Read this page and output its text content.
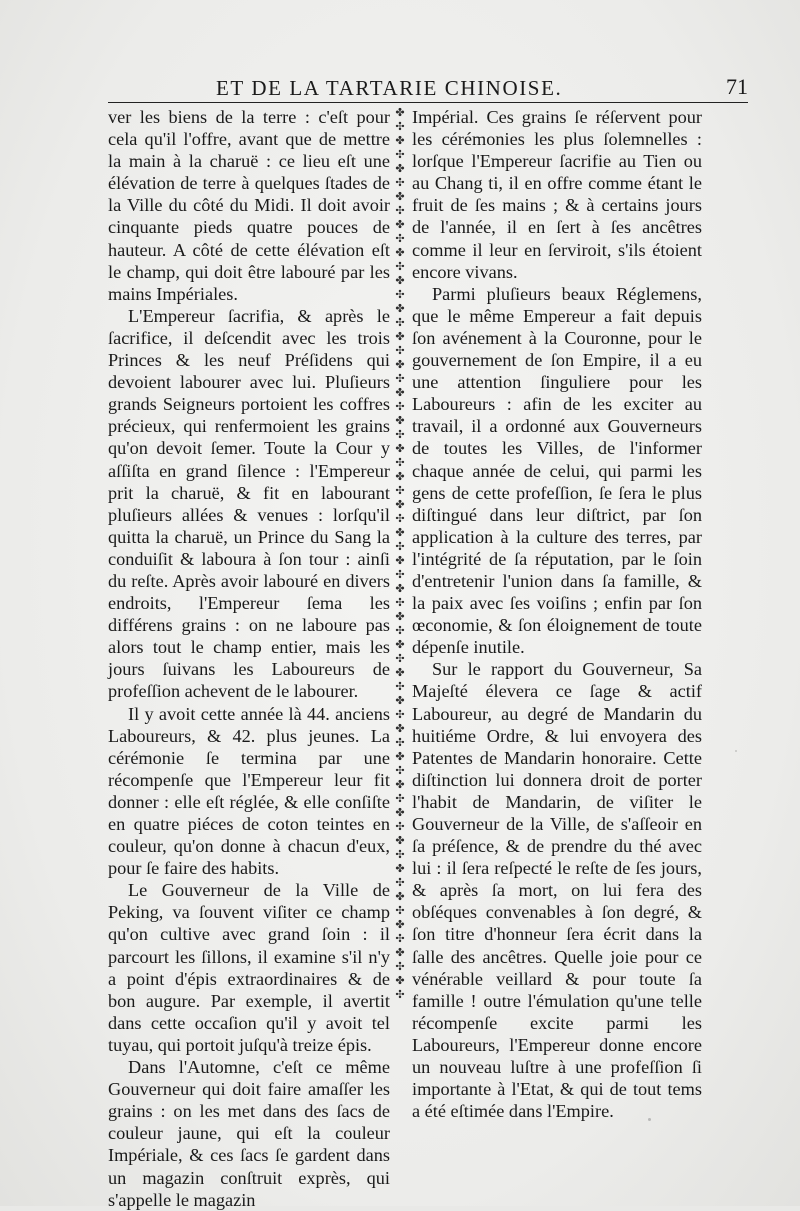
ET DE LA TARTARIE CHINOISE.	71

ver les biens de la terre : c'eſt pour cela qu'il l'offre, avant que de mettre la main à la charuë : ce lieu eſt une élévation de terre à quelques ſtades de la Ville du côté du Midi. Il doit avoir cinquante pieds quatre pouces de hauteur. A côté de cette élévation eſt le champ, qui doit être labouré par les mains Impériales.

L'Empereur ſacrifia, & après le ſacrifice, il deſcendit avec les trois Princes & les neuf Préſidens qui devoient labourer avec lui. Pluſieurs grands Seigneurs portoient les coffres précieux, qui renfermoient les grains qu'on devoit ſemer. Toute la Cour y aſſiſta en grand ſilence : l'Empereur prit la charuë, & fit en labourant pluſieurs allées & venues : lorſqu'il quitta la charuë, un Prince du Sang la conduiſit & laboura à ſon tour : ainſi du reſte. Après avoir labouré en divers endroits, l'Empereur ſema les différens grains : on ne laboure pas alors tout le champ entier, mais les jours ſuivans les Laboureurs de profeſſion achevent de le labourer.

Il y avoit cette année là 44. anciens Laboureurs, & 42. plus jeunes. La cérémonie ſe termina par une récompenſe que l'Empereur leur fit donner : elle eſt réglée, & elle conſiſte en quatre piéces de coton teintes en couleur, qu'on donne à chacun d'eux, pour ſe faire des habits.

Le Gouverneur de la Ville de Peking, va ſouvent viſiter ce champ qu'on cultive avec grand ſoin : il parcourt les ſillons, il examine s'il n'y a point d'épis extraordinaires & de bon augure. Par exemple, il avertit dans cette occaſion qu'il y avoit tel tuyau, qui portoit juſqu'à treize épis.

Dans l'Automne, c'eſt ce même Gouverneur qui doit faire amaſſer les grains : on les met dans des ſacs de couleur jaune, qui eſt la couleur Impériale, & ces ſacs ſe gardent dans un magazin conſtruit exprès, qui s'appelle le magazin

✤
✣
✤
✣
✤
✣
✤
✣
✤
✣
✤
✣
✤
✣
✤
✣
✤
✣
✤
✣
✤
✣
✤
✣
✤
✣
✤
✣
✤
✣
✤
✣
✤
✣
✤
✣
✤
✣
✤
✣
✤
✣
✤
✣
✤
✣
✤
✣
✤
✣
✤
✣
✤
✣
✤
✣
✤
✣
✤
✣
✤
✣
✤
✣

Impérial. Ces grains ſe réſervent pour les cérémonies les plus ſolemnelles : lorſque l'Empereur ſacrifie au Tien ou au Chang ti, il en offre comme étant le fruit de ſes mains ; & à certains jours de l'année, il en ſert à ſes ancêtres comme il leur en ſerviroit, s'ils étoient encore vivans.

Parmi pluſieurs beaux Réglemens, que le même Empereur a fait depuis ſon avénement à la Couronne, pour le gouvernement de ſon Empire, il a eu une attention ſinguliere pour les Laboureurs : afin de les exciter au travail, il a ordonné aux Gouverneurs de toutes les Villes, de l'informer chaque année de celui, qui parmi les gens de cette profeſſion, ſe ſera le plus diſtingué dans leur diſtrict, par ſon application à la culture des terres, par l'intégrité de ſa réputation, par le ſoin d'entretenir l'union dans ſa famille, & la paix avec ſes voiſins ; enfin par ſon œconomie, & ſon éloignement de toute dépenſe inutile.

Sur le rapport du Gouverneur, Sa Majeſté élevera ce ſage & actif Laboureur, au degré de Mandarin du huitiéme Ordre, & lui envoyera des Patentes de Mandarin honoraire. Cette diſtinction lui donnera droit de porter l'habit de Mandarin, de viſiter le Gouverneur de la Ville, de s'aſſeoir en ſa préſence, & de prendre du thé avec lui : il ſera reſpecté le reſte de ſes jours, & après ſa mort, on lui fera des obſéques convenables à ſon degré, & ſon titre d'honneur ſera écrit dans la ſalle des ancêtres. Quelle joie pour ce vénérable veillard & pour toute ſa famille ! outre l'émulation qu'une telle récompenſe excite parmi les Laboureurs, l'Empereur donne encore un nouveau luſtre à une profeſſion ſi importante à l'Etat, & qui de tout tems a été eſtimée dans l'Empire.
